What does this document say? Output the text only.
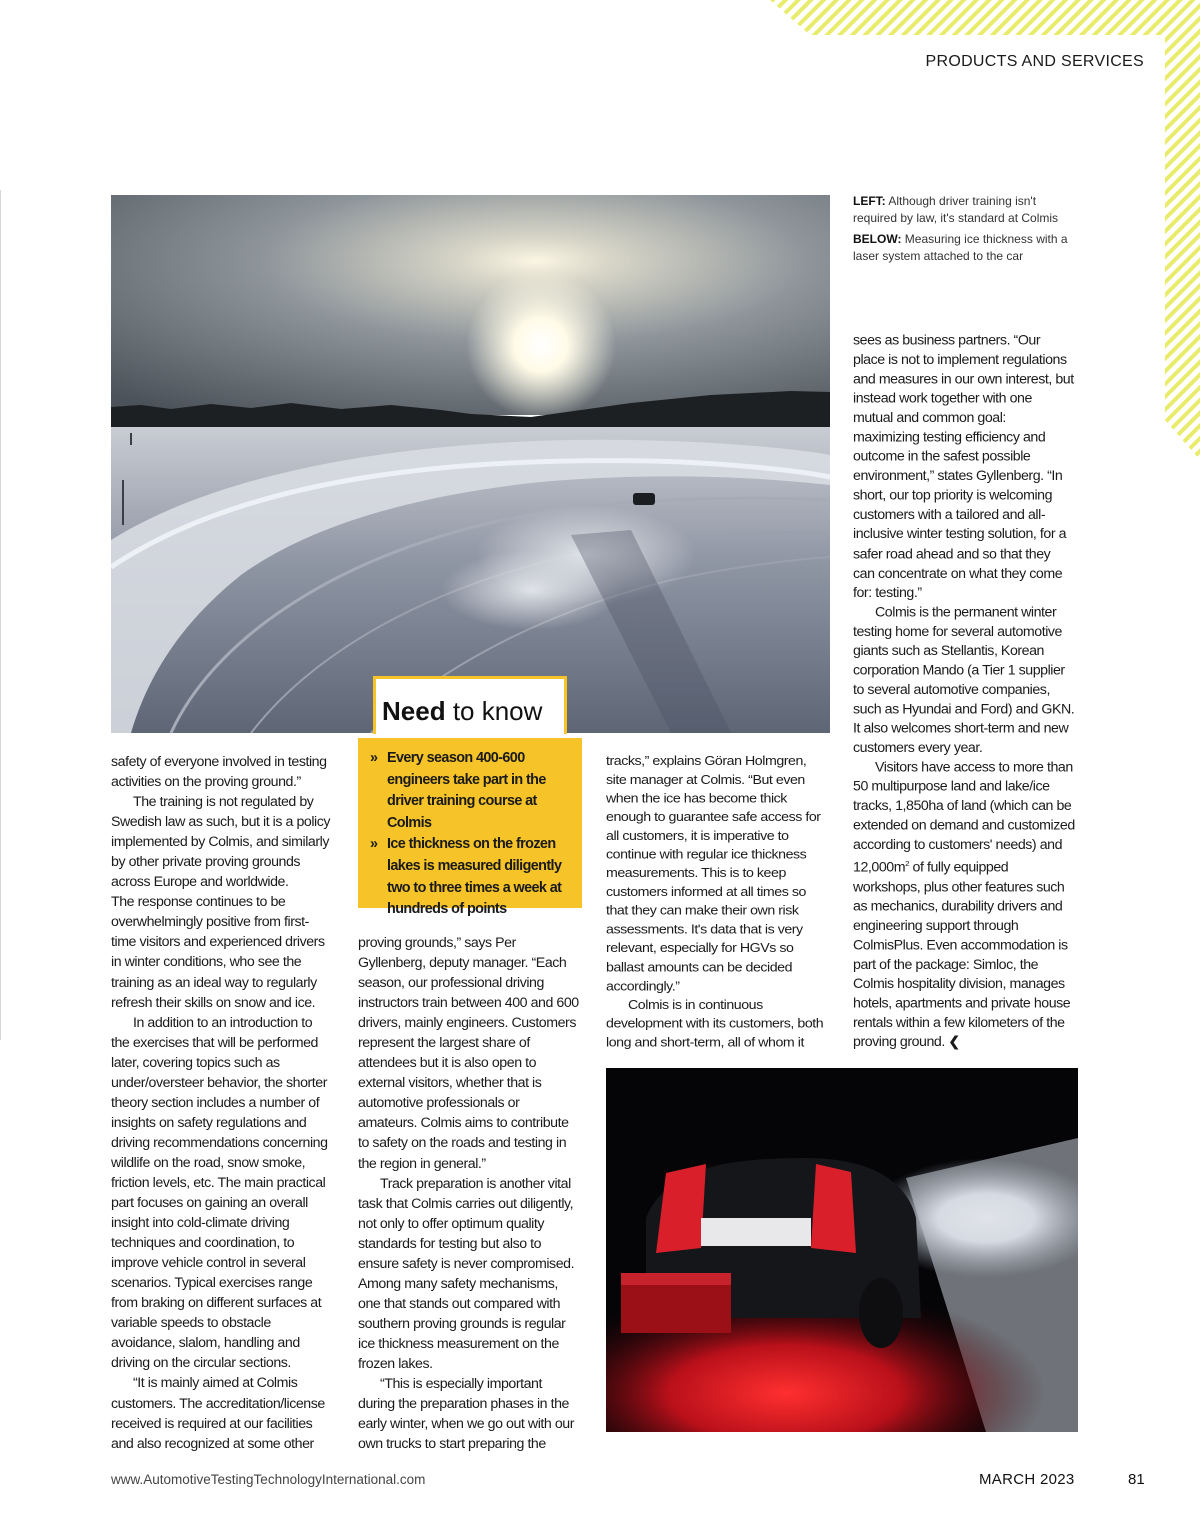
PRODUCTS AND SERVICES

LEFT: Although driver training isn't required by law, it's standard at Colmis

BELOW: Measuring ice thickness with a laser system attached to the car

Need to know
» Every season 400-600 engineers take part in the driver training course at Colmis
» Ice thickness on the frozen lakes is measured diligently two to three times a week at hundreds of points

safety of everyone involved in testing activities on the proving ground.”

The training is not regulated by Swedish law as such, but it is a policy implemented by Colmis, and similarly by other private proving grounds across Europe and worldwide.

The response continues to be overwhelmingly positive from first-time visitors and experienced drivers in winter conditions, who see the training as an ideal way to regularly refresh their skills on snow and ice.

In addition to an introduction to the exercises that will be performed later, covering topics such as under/oversteer behavior, the shorter theory section includes a number of insights on safety regulations and driving recommendations concerning wildlife on the road, snow smoke, friction levels, etc. The main practical part focuses on gaining an overall insight into cold-climate driving techniques and coordination, to improve vehicle control in several scenarios. Typical exercises range from braking on different surfaces at variable speeds to obstacle avoidance, slalom, handling and driving on the circular sections.

“It is mainly aimed at Colmis customers. The accreditation/license received is required at our facilities and also recognized at some other

proving grounds,” says Per Gyllenberg, deputy manager. “Each season, our professional driving instructors train between 400 and 600 drivers, mainly engineers. Customers represent the largest share of attendees but it is also open to external visitors, whether that is automotive professionals or amateurs. Colmis aims to contribute to safety on the roads and testing in the region in general.”

Track preparation is another vital task that Colmis carries out diligently, not only to offer optimum quality standards for testing but also to ensure safety is never compromised. Among many safety mechanisms, one that stands out compared with southern proving grounds is regular ice thickness measurement on the frozen lakes.

“This is especially important during the preparation phases in the early winter, when we go out with our own trucks to start preparing the

tracks,” explains Göran Holmgren, site manager at Colmis. “But even when the ice has become thick enough to guarantee safe access for all customers, it is imperative to continue with regular ice thickness measurements. This is to keep customers informed at all times so that they can make their own risk assessments. It's data that is very relevant, especially for HGVs so ballast amounts can be decided accordingly.”

Colmis is in continuous development with its customers, both long and short-term, all of whom it

sees as business partners. “Our place is not to implement regulations and measures in our own interest, but instead work together with one mutual and common goal: maximizing testing efficiency and outcome in the safest possible environment,” states Gyllenberg. “In short, our top priority is welcoming customers with a tailored and all-inclusive winter testing solution, for a safer road ahead and so that they can concentrate on what they come for: testing.”

Colmis is the permanent winter testing home for several automotive giants such as Stellantis, Korean corporation Mando (a Tier 1 supplier to several automotive companies, such as Hyundai and Ford) and GKN. It also welcomes short-term and new customers every year.

Visitors have access to more than 50 multipurpose land and lake/ice tracks, 1,850ha of land (which can be extended on demand and customized according to customers' needs) and $12,000m^2$ of fully equipped workshops, plus other features such as mechanics, durability drivers and engineering support through ColmisPlus. Even accommodation is part of the package: Simloc, the Colmis hospitality division, manages hotels, apartments and private house rentals within a few kilometers of the proving ground. ❮

www.AutomotiveTestingTechnologyInternational.com	MARCH 2023	81
